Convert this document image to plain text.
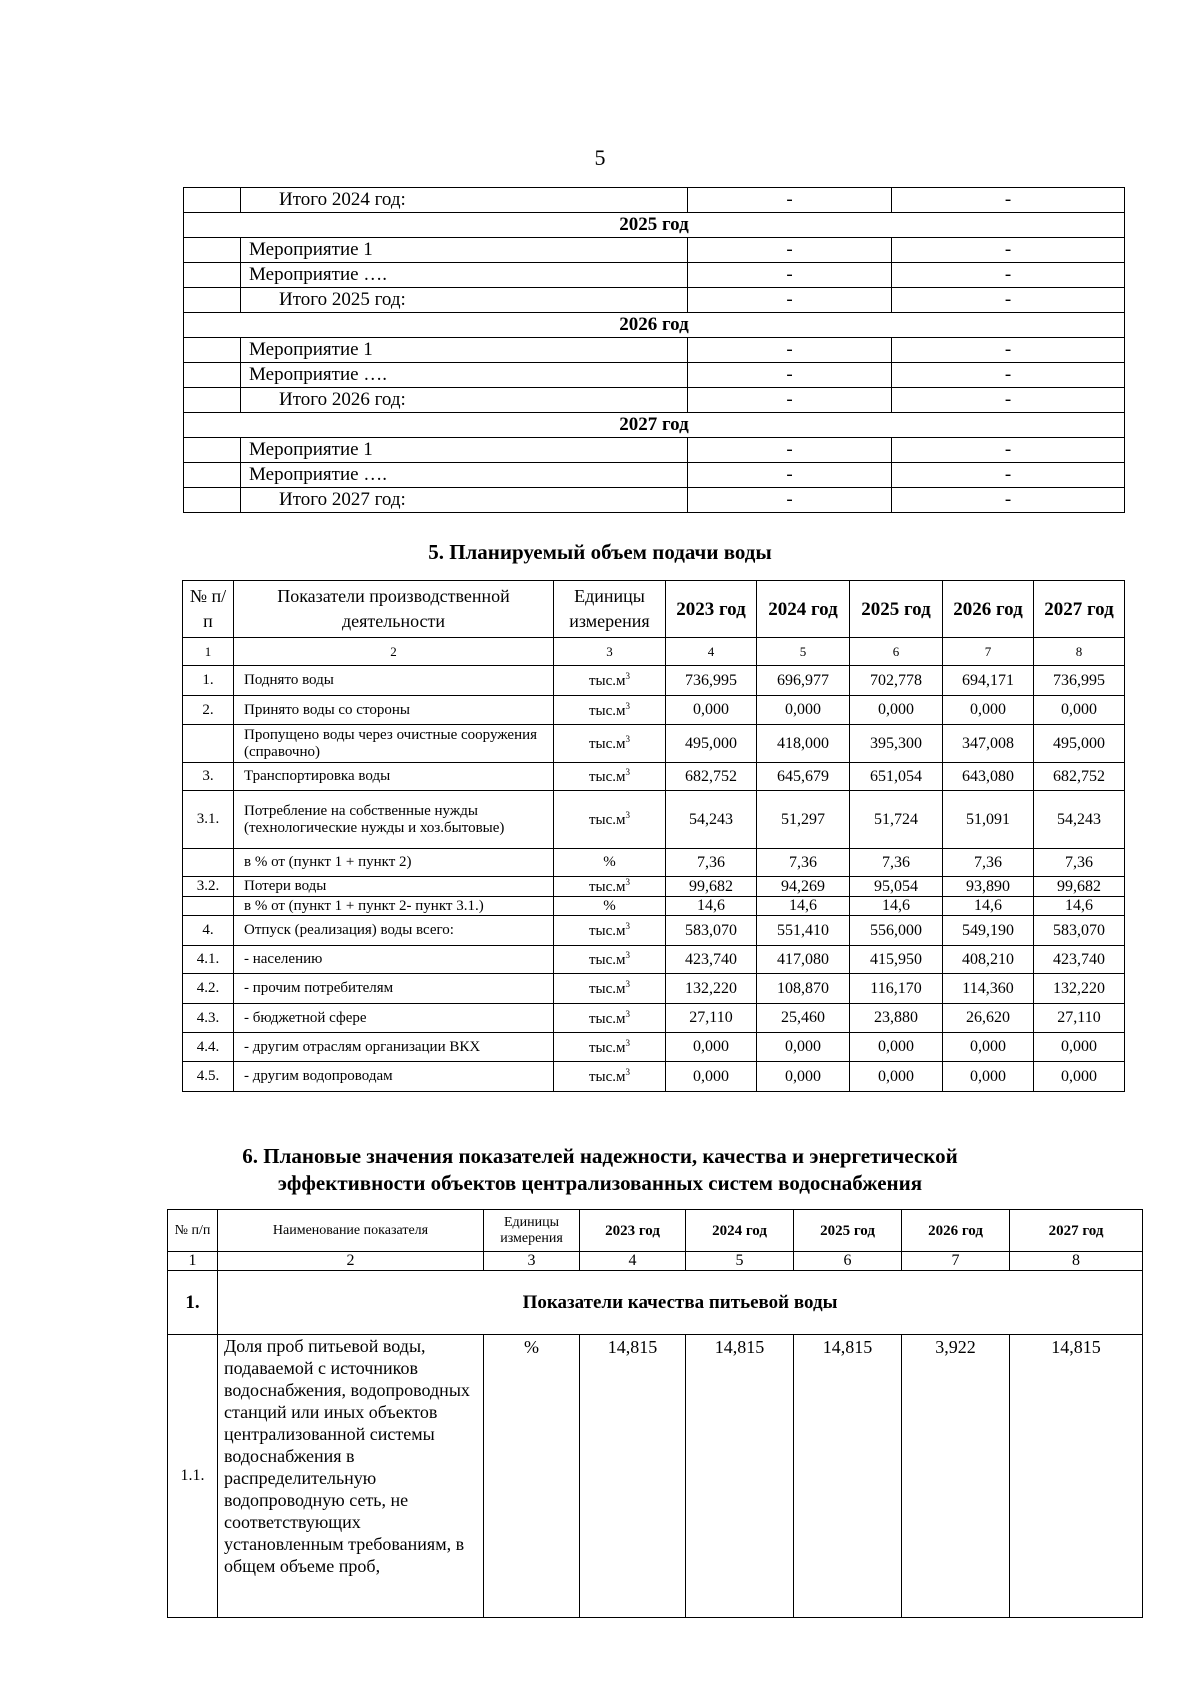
5
	Итого 2024 год:	-	-
2025 год			
	Мероприятие 1	-	-
	Мероприятие ….	-	-
	Итого 2025 год:	-	-
2026 год			
	Мероприятие 1	-	-
	Мероприятие ….	-	-
	Итого 2026 год:	-	-
2027 год			
	Мероприятие 1	-	-
	Мероприятие ….	-	-
	Итого 2027 год:	-	-
5. Планируемый объем подачи воды
№ п/п	Показатели производственной деятельности	Единицы измерения	2023 год	2024 год	2025 год	2026 год	2027 год
1	2	3	4	5	6	7	8
1.	Поднято воды	$тыс.м^3$	736,995	696,977	702,778	694,171	736,995
2.	Принято воды со стороны	$тыс.м^3$	0,000	0,000	0,000	0,000	0,000
	Пропущено воды через очистные сооружения (справочно)	$тыс.м^3$	495,000	418,000	395,300	347,008	495,000
3.	Транспортировка воды	$тыс.м^3$	682,752	645,679	651,054	643,080	682,752
3.1.	Потребление на собственные нужды (технологические нужды и хоз.бытовые)	$тыс.м^3$	54,243	51,297	51,724	51,091	54,243
	в % от (пункт 1 + пункт 2)	%	7,36	7,36	7,36	7,36	7,36
3.2.	Потери воды	$тыс.м^3$	99,682	94,269	95,054	93,890	99,682
	в % от (пункт 1 + пункт 2- пункт 3.1.)	%	14,6	14,6	14,6	14,6	14,6
4.	Отпуск (реализация) воды всего:	$тыс.м^3$	583,070	551,410	556,000	549,190	583,070
4.1.	- населению	$тыс.м^3$	423,740	417,080	415,950	408,210	423,740
4.2.	- прочим потребителям	$тыс.м^3$	132,220	108,870	116,170	114,360	132,220
4.3.	- бюджетной сфере	$тыс.м^3$	27,110	25,460	23,880	26,620	27,110
4.4.	- другим отраслям организации ВКХ	$тыс.м^3$	0,000	0,000	0,000	0,000	0,000
4.5.	- другим водопроводам	$тыс.м^3$	0,000	0,000	0,000	0,000	0,000
6. Плановые значения показателей надежности, качества и энергетической
эффективности объектов централизованных систем водоснабжения
№ п/п	Наименование показателя	Единицы измерения	2023 год	2024 год	2025 год	2026 год	2027 год
1	2	3	4	5	6	7	8
1.	Показатели качества питьевой воды						
1.1.	Доля проб питьевой воды, подаваемой с источников водоснабжения, водопроводных станций или иных объектов централизованной системы водоснабжения в распределительную водопроводную сеть, не соответствующих установленным требованиям, в общем объеме проб,	%	14,815	14,815	14,815	3,922	14,815
